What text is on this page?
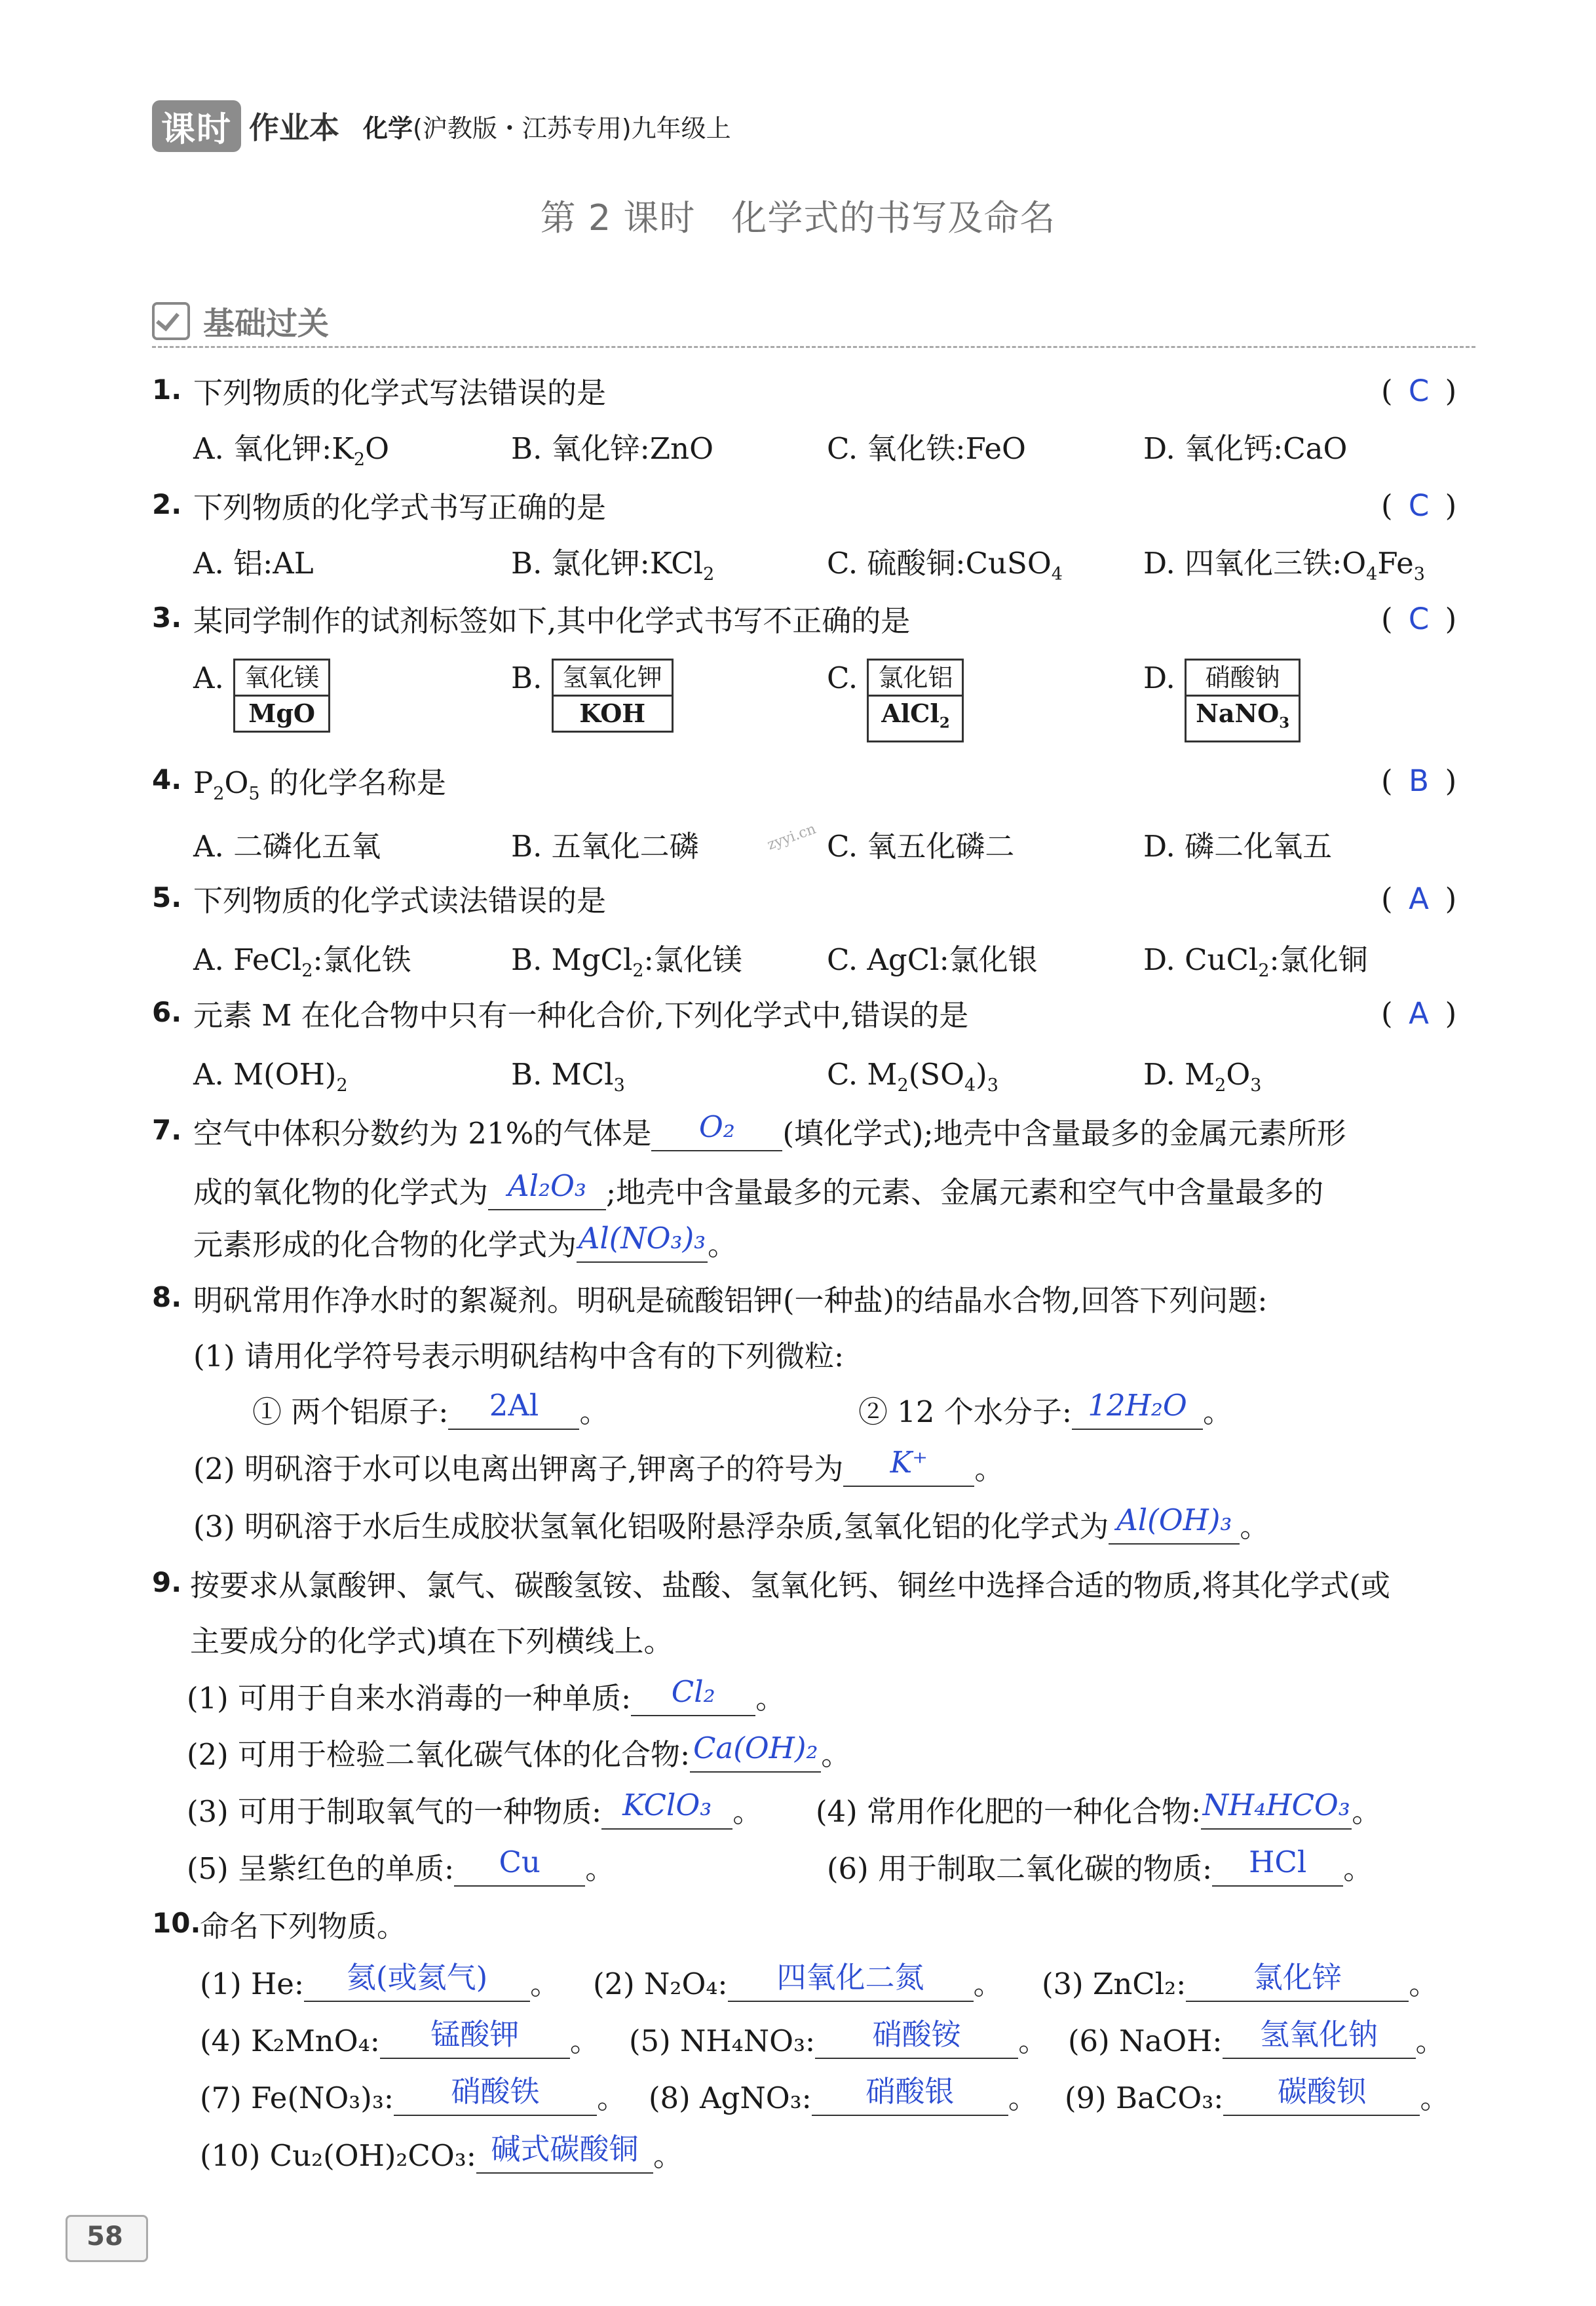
课时 作业本 化学(沪教版・江苏专用)九年级上
第 2 课时　化学式的书写及命名
基础过关
1. 下列物质的化学式写法错误的是	( C )
A. 氧化钾$:K_2O$	B. 氧化锌:ZnO	C. 氧化铁:FeO	D. 氧化钙:CaO
2. 下列物质的化学式书写正确的是	( C )
A. 铝:AL	B. 氯化钾:KCl$_2$	C. 硫酸铜:CuSO$_4$	D. 四氧化三铁$:O_4Fe_3$
3. 某同学制作的试剂标签如下,其中化学式书写不正确的是	( C )
A. 氧化镁
MgO
B. 氢氧化钾
KOH
C. 氯化铝
AlCl$_2$
D.	硝酸钠
NaNO$_3$
4. $P_2O_5$ 的化学名称是	( B )
A. 二磷化五氧	B. 五氧化二磷	zyyi.cn C. 氧五化磷二	D. 磷二化氧五
5. 下列物质的化学式读法错误的是	( A )
A. FeCl$_2$:氯化铁	B. MgCl$_2$:氯化镁	C. AgCl:氯化银	D. CuCl$_2$:氯化铜
6. 元素 M 在化合物中只有一种化合价,下列化学式中,错误的是	( A )
A. $M(OH)_2$	B. MCl$_3$	C. $M_2(SO_4)_3$	D. $M_2O_3$
7. 空气中体积分数约为 21%的气体是 O₂ (填化学式);地壳中含量最多的金属元素所形
成的氧化物的化学式为 Al₂O₃ ;地壳中含量最多的元素、金属元素和空气中含量最多的
元素形成的化合物的化学式为Al(NO₃)₃。
8. 明矾常用作净水时的絮凝剂。明矾是硫酸铝钾(一种盐)的结晶水合物,回答下列问题:
(1) 请用化学符号表示明矾结构中含有的下列微粒:
① 两个铝原子: 2Al 。	② 12 个水分子: 12H₂O 。
(2) 明矾溶于水可以电离出钾离子,钾离子的符号为 K⁺ 。
(3) 明矾溶于水后生成胶状氢氧化铝吸附悬浮杂质,氢氧化铝的化学式为 Al(OH)₃ 。
9. 按要求从氯酸钾、氯气、碳酸氢铵、盐酸、氢氧化钙、铜丝中选择合适的物质,将其化学式(或
主要成分的化学式)填在下列横线上。
(1) 可用于自来水消毒的一种单质: Cl₂ 。
(2) 可用于检验二氧化碳气体的化合物: Ca(OH)₂ 。
(3) 可用于制取氧气的一种物质: KClO₃ 。 (4) 常用作化肥的一种化合物:NH₄HCO₃。
(5) 呈紫红色的单质: Cu 。	(6) 用于制取二氧化碳的物质: HCl 。
10.
命名下列物质。
(1) He: 氦(或氦气) 。 (2) N₂O₄: 四氧化二氮 。 (3) ZnCl₂: 氯化锌 。
(4) K₂MnO₄: 锰酸钾 。 (5) NH₄NO₃: 硝酸铵 。 (6) NaOH: 氢氧化钠 。
(7) Fe(NO₃)₃: 硝酸铁 。 (8) AgNO₃: 硝酸银 。 (9) BaCO₃: 碳酸钡 。
(10) Cu₂(OH)₂CO₃: 碱式碳酸铜 。
58
